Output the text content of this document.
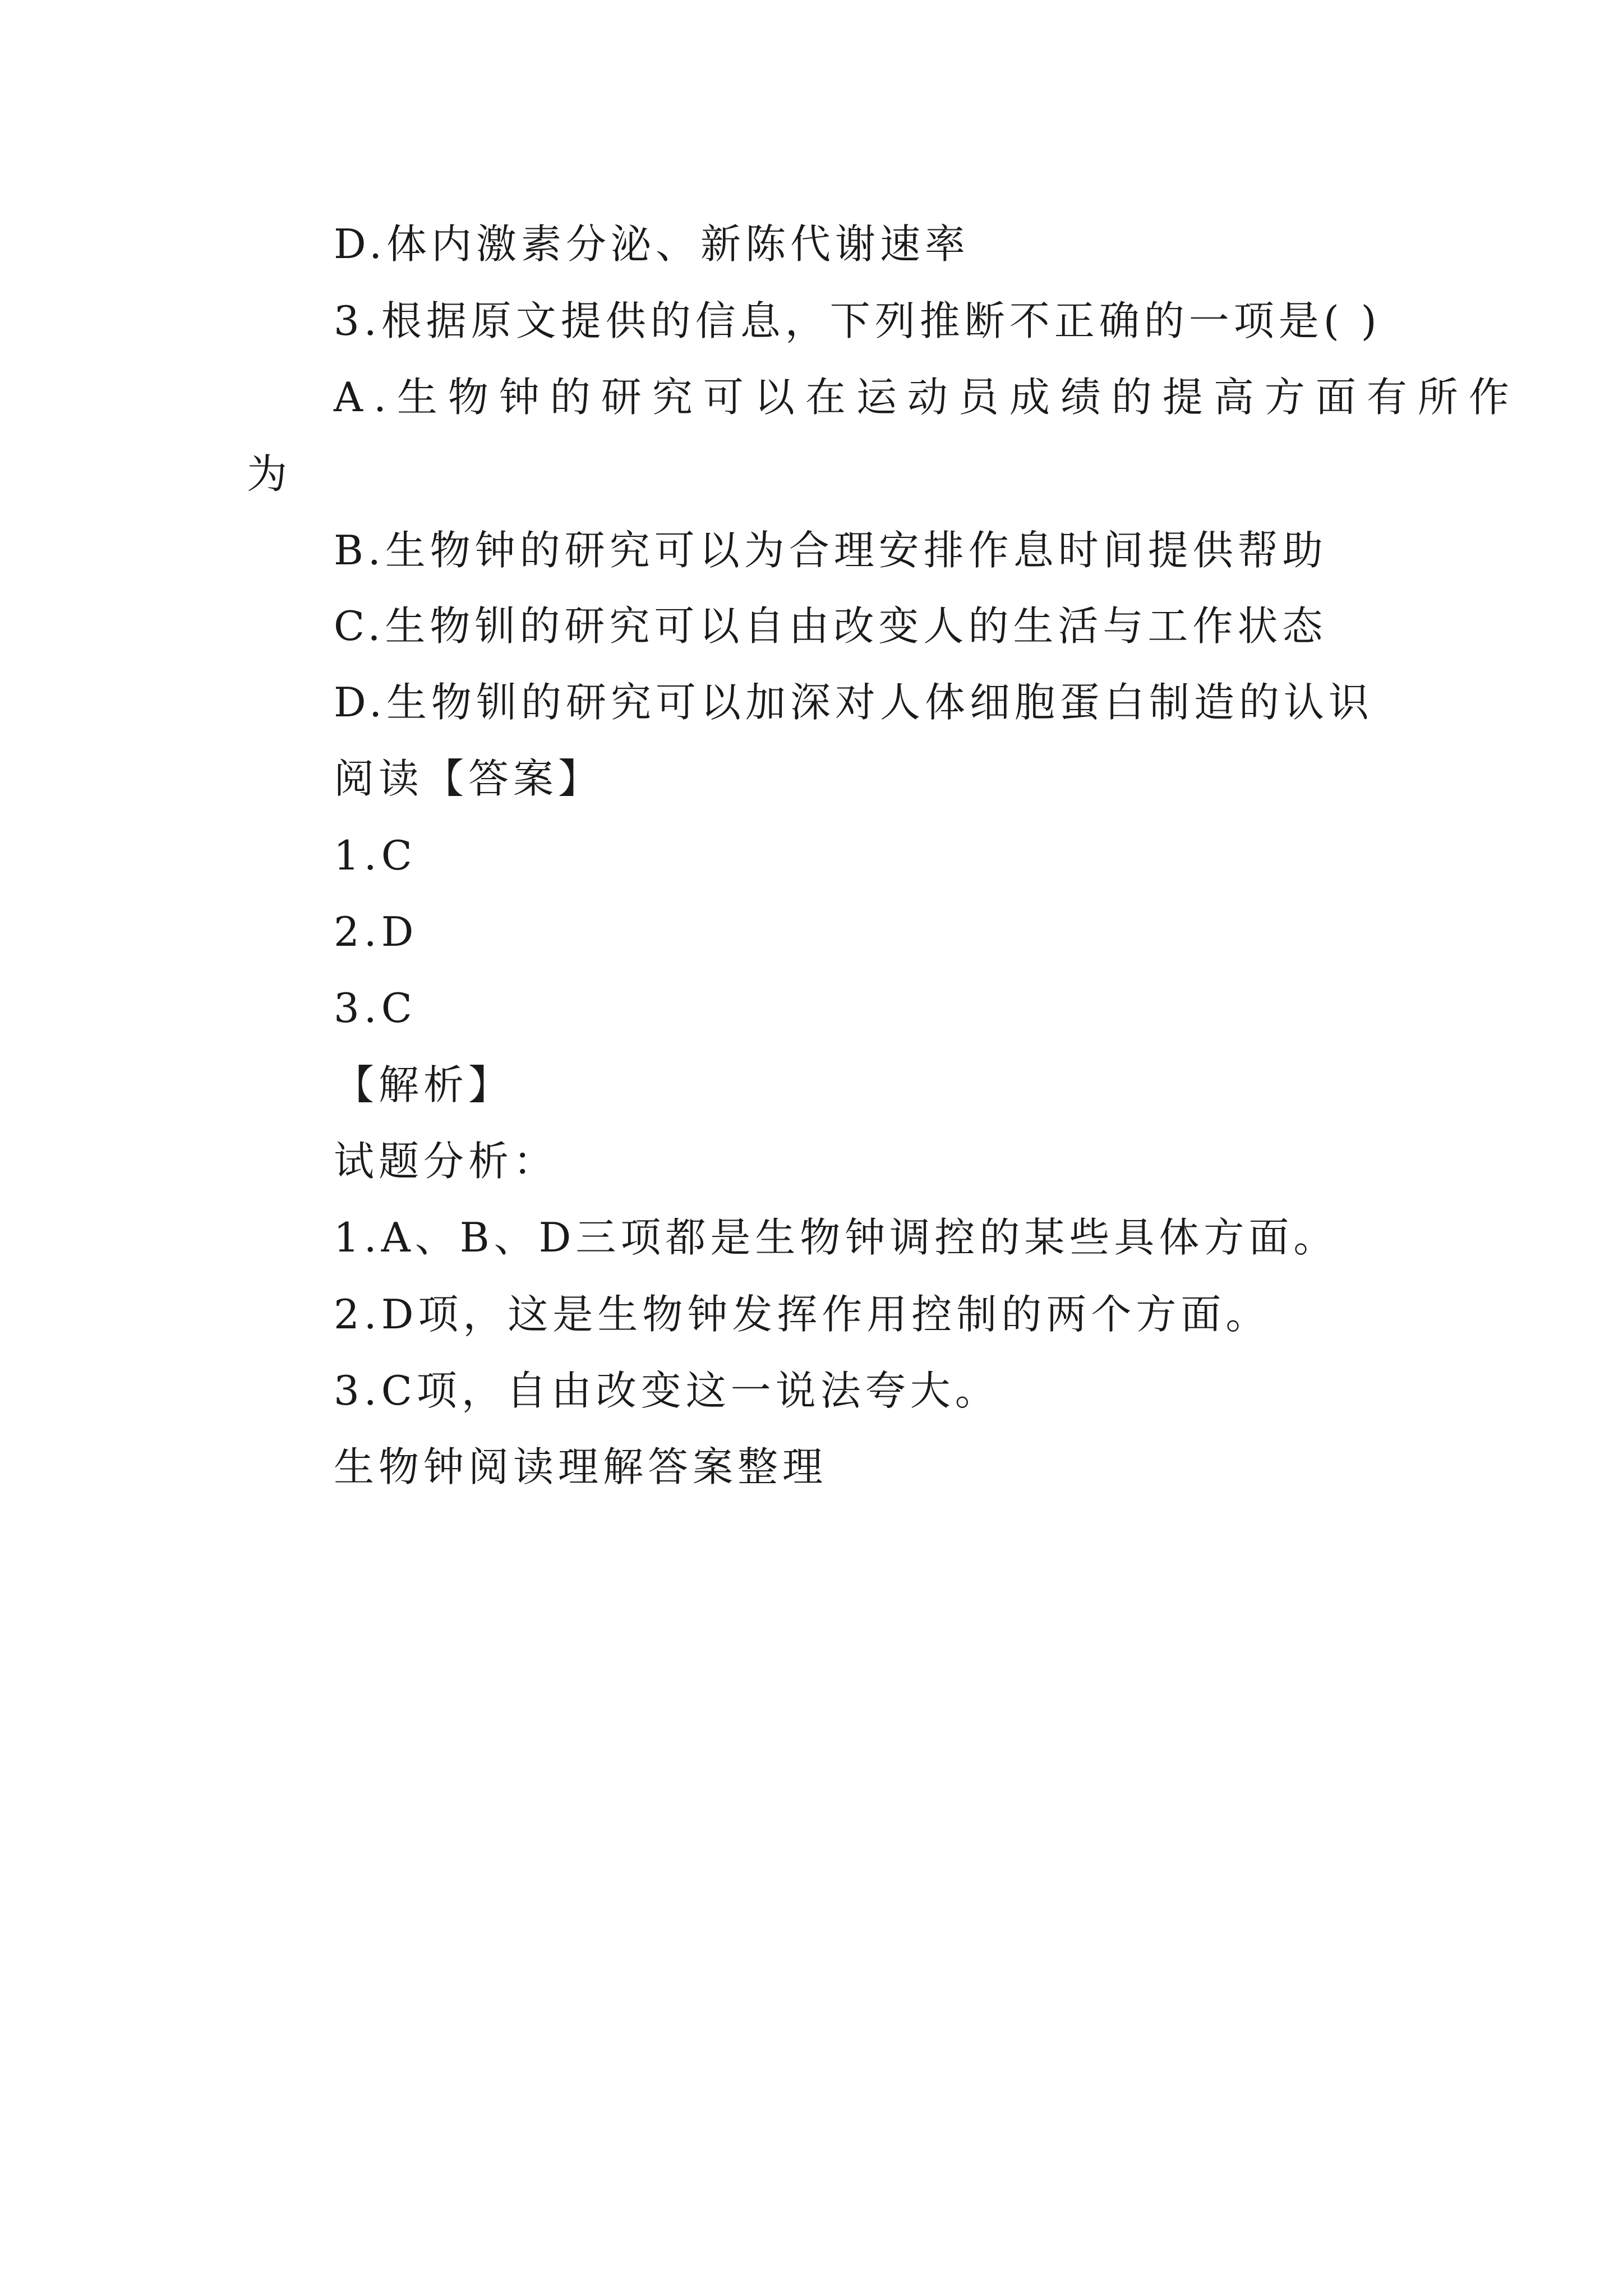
D.体内激素分泌、新陈代谢速率

3.根据原文提供的信息，下列推断不正确的一项是( )

A.生物钟的研究可以在运动员成绩的提高方面有所作

为

B.生物钟的研究可以为合理安排作息时间提供帮助

C.生物钏的研究可以自由改变人的生活与工作状态

D.生物钏的研究可以加深对人体细胞蛋白制造的认识

阅读【答案】

1.C

2.D

3.C

【解析】

试题分析：

1.A、B、D三项都是生物钟调控的某些具体方面。

2.D项，这是生物钟发挥作用控制的两个方面。

3.C项，自由改变这一说法夸大。

生物钟阅读理解答案整理
